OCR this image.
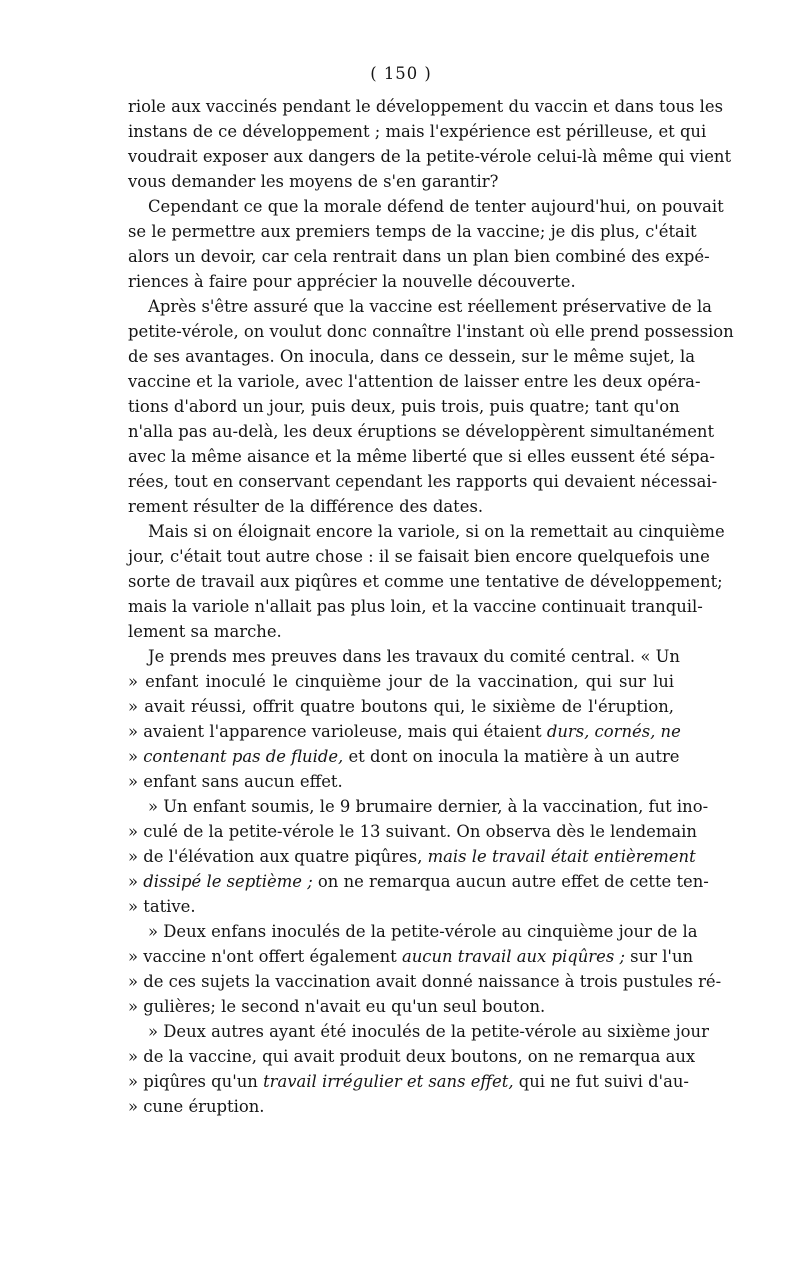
( 150 )
riole aux vaccinés pendant le développement du vaccin et dans tous les
instans de ce développement ; mais l'expérience est périlleuse, et qui
voudrait exposer aux dangers de la petite-vérole celui-là même qui vient
vous demander les moyens de s'en garantir?
Cependant ce que la morale défend de tenter aujourd'hui, on pouvait
se le permettre aux premiers temps de la vaccine; je dis plus, c'était
alors un devoir, car cela rentrait dans un plan bien combiné des expé-
riences à faire pour apprécier la nouvelle découverte.
Après s'être assuré que la vaccine est réellement préservative de la
petite-vérole, on voulut donc connaître l'instant où elle prend possession
de ses avantages. On inocula, dans ce dessein, sur le même sujet, la
vaccine et la variole, avec l'attention de laisser entre les deux opéra-
tions d'abord un jour, puis deux, puis trois, puis quatre; tant qu'on
n'alla pas au-delà, les deux éruptions se développèrent simultanément
avec la même aisance et la même liberté que si elles eussent été sépa-
rées, tout en conservant cependant les rapports qui devaient nécessai-
rement résulter de la différence des dates.
Mais si on éloignait encore la variole, si on la remettait au cinquième
jour, c'était tout autre chose : il se faisait bien encore quelquefois une
sorte de travail aux piqûres et comme une tentative de développement;
mais la variole n'allait pas plus loin, et la vaccine continuait tranquil-
lement sa marche.
Je prends mes preuves dans les travaux du comité central. « Un
» enfant inoculé le cinquième jour de la vaccination, qui sur lui
» avait réussi, offrit quatre boutons qui, le sixième de l'éruption,
» avaient l'apparence varioleuse, mais qui étaient durs, cornés, ne
» contenant pas de fluide, et dont on inocula la matière à un autre
» enfant sans aucun effet.
» Un enfant soumis, le 9 brumaire dernier, à la vaccination, fut ino-
» culé de la petite-vérole le 13 suivant. On observa dès le lendemain
» de l'élévation aux quatre piqûres, mais le travail était entièrement
» dissipé le septième ; on ne remarqua aucun autre effet de cette ten-
» tative.
» Deux enfans inoculés de la petite-vérole au cinquième jour de la
» vaccine n'ont offert également aucun travail aux piqûres ; sur l'un
» de ces sujets la vaccination avait donné naissance à trois pustules ré-
» gulières; le second n'avait eu qu'un seul bouton.
» Deux autres ayant été inoculés de la petite-vérole au sixième jour
» de la vaccine, qui avait produit deux boutons, on ne remarqua aux
» piqûres qu'un travail irrégulier et sans effet, qui ne fut suivi d'au-
» cune éruption.
